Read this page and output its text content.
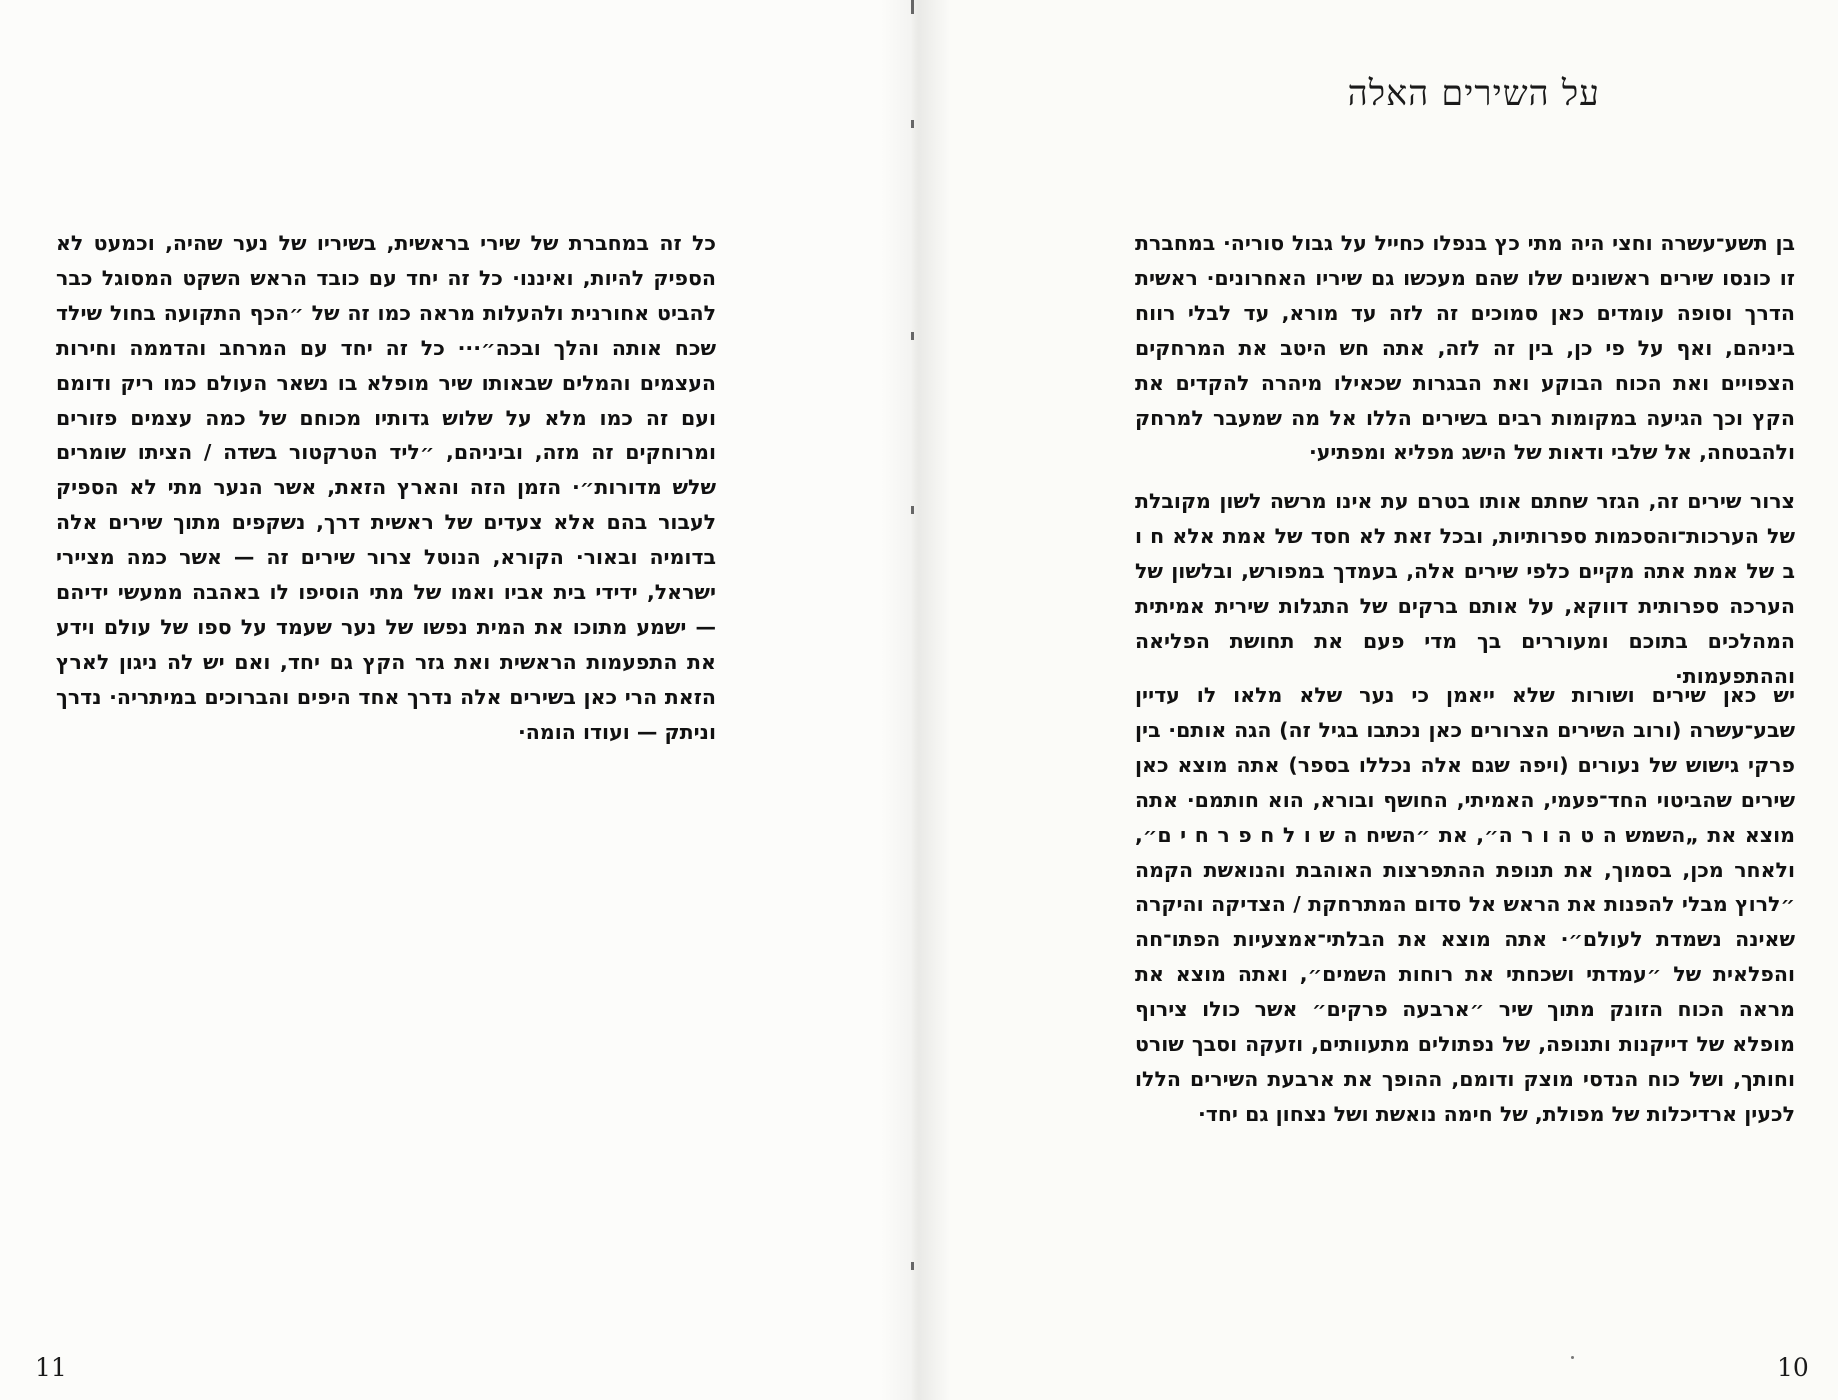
כל זה במחברת של שירי בראשית, בשיריו של נער שהיה, וכמעט לא הספיק להיות, ואיננו· כל זה יחד עם כובד הראש השקט המסוגל כבר להביט אחורנית ולהעלות מראה כמו זה של ״הכף התקועה בחול שילד שכח אותה והלך ובכה״··· כל זה יחד עם המרחב והדממה וחירות העצמים והמלים שבאותו שיר מופלא בו נשאר העולם כמו ריק ודומם ועם זה כמו מלא על שלוש גדותיו מכוחם של כמה עצמים פזורים ומרוחקים זה מזה, וביניהם, ״ליד הטרקטור בשדה / הציתו שומרים שלש מדורות״· הזמן הזה והארץ הזאת, אשר הנער מתי לא הספיק לעבור בהם אלא צעדים של ראשית דרך, נשקפים מתוך שירים אלה בדומיה ובאור· הקורא, הנוטל צרור שירים זה — אשר כמה מציירי ישראל, ידידי בית אביו ואמו של מתי הוסיפו לו באהבה ממעשי ידיהם — ישמע מתוכו את המית נפשו של נער שעמד על ספו של עולם וידע את התפעמות הראשית ואת גזר הקץ גם יחד, ואם יש לה ניגון לארץ הזאת הרי כאן בשירים אלה נדרך אחד היפים והברוכים במיתריה· נדרך וניתק — ועודו הומה·

11
על השירים האלה

בן תשע־עשרה וחצי היה מתי כץ בנפלו כחייל על גבול סוריה· במחברת זו כונסו שירים ראשונים שלו שהם מעכשו גם שיריו האחרונים· ראשית הדרך וסופה עומדים כאן סמוכים זה לזה עד מורא, עד לבלי רווח ביניהם, ואף על פי כן, בין זה לזה, אתה חש היטב את המרחקים הצפויים ואת הכוח הבוקע ואת הבגרות שכאילו מיהרה להקדים את הקץ וכך הגיעה במקומות רבים בשירים הללו אל מה שמעבר למרחק ולהבטחה, אל שלבי ודאות של הישג מפליא ומפתיע·

צרור שירים זה, הגזר שחתם אותו בטרם עת אינו מרשה לשון מקובלת של הערכות־והסכמות ספרותיות, ובכל זאת לא חסד של אמת אלא ח ו ב של אמת אתה מקיים כלפי שירים אלה, בעמדך במפורש, ובלשון של הערכה ספרותית דווקא, על אותם ברקים של התגלות שירית אמיתית המהלכים בתוכם ומעוררים בך מדי פעם את תחושת הפליאה וההתפעמות·

יש כאן שירים ושורות שלא ייאמן כי נער שלא מלאו לו עדיין שבע־עשרה (ורוב השירים הצרורים כאן נכתבו בגיל זה) הגה אותם· בין פרקי גישוש של נעורים (ויפה שגם אלה נכללו בספר) אתה מוצא כאן שירים שהביטוי החד־פעמי, האמיתי, החושף ובורא, הוא חותמם· אתה מוצא את „השמש ה ט ה ו ר ה״, את ״השיח ה ש ו ל ח פ ר ח י ם״, ולאחר מכן, בסמוך, את תנופת ההתפרצות האוהבת והנואשת הקמה ״לרוץ מבלי להפנות את הראש אל סדום המתרחקת / הצדיקה והיקרה שאינה נשמדת לעולם״· אתה מוצא את הבלתי־אמצעיות הפתו־חה והפלאית של ״עמדתי ושכחתי את רוחות השמים״, ואתה מוצא את מראה הכוח הזונק מתוך שיר ״ארבעה פרקים״ אשר כולו צירוף מופלא של דייקנות ותנופה, של נפתולים מתעוותים, וזעקה וסבך שורט וחותך, ושל כוח הנדסי מוצק ודומם, ההופך את ארבעת השירים הללו לכעין ארדיכלות של מפולת, של חימה נואשת ושל נצחון גם יחד·

10
